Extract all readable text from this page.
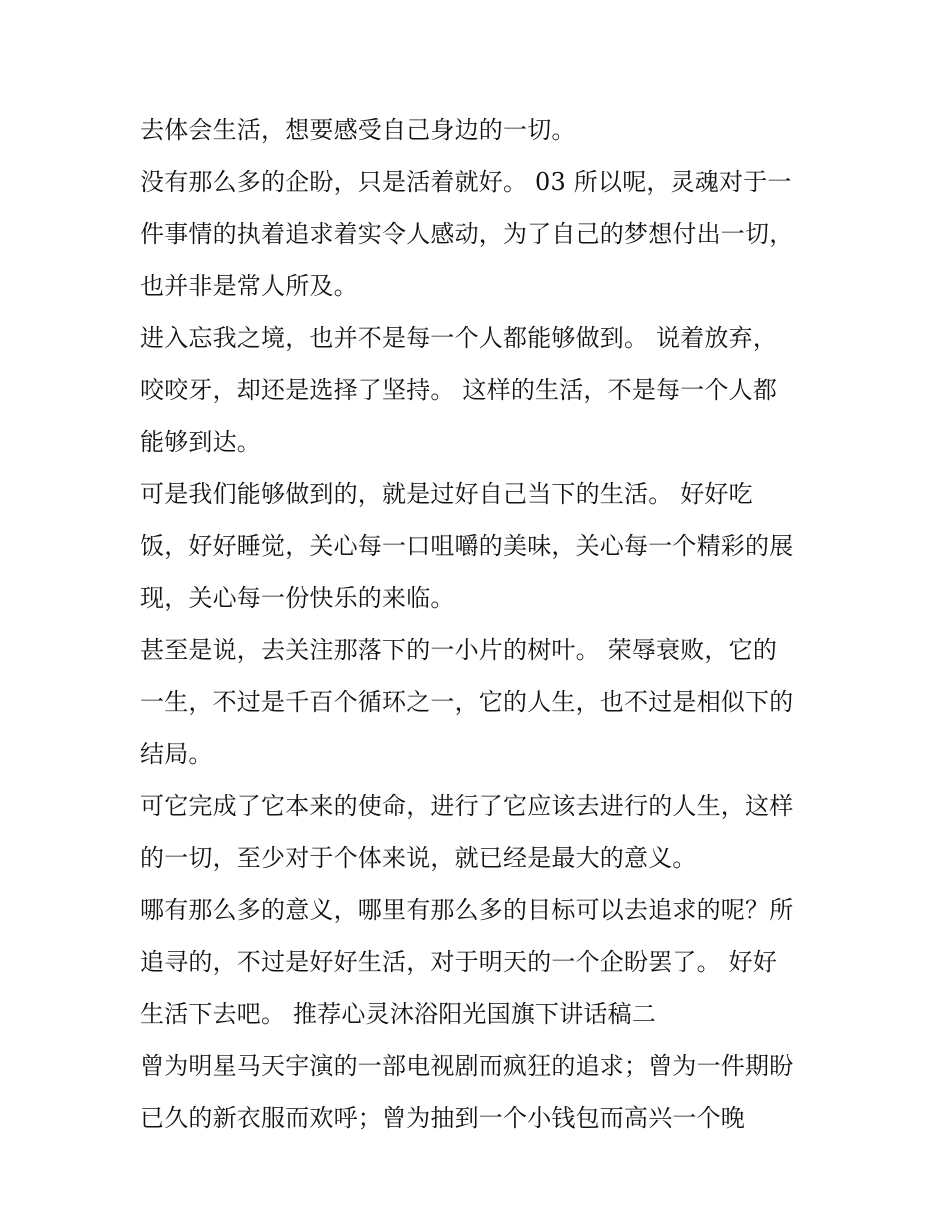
去体会生活，想要感受自己身边的一切。
没有那么多的企盼，只是活着就好。 03 所以呢，灵魂对于一
件事情的执着追求着实令人感动，为了自己的梦想付出一切，
也并非是常人所及。
进入忘我之境，也并不是每一个人都能够做到。 说着放弃，
咬咬牙，却还是选择了坚持。 这样的生活，不是每一个人都
能够到达。
可是我们能够做到的，就是过好自己当下的生活。 好好吃
饭，好好睡觉，关心每一口咀嚼的美味，关心每一个精彩的展
现，关心每一份快乐的来临。
甚至是说，去关注那落下的一小片的树叶。 荣辱衰败，它的
一生，不过是千百个循环之一，它的人生，也不过是相似下的
结局。
可它完成了它本来的使命，进行了它应该去进行的人生，这样
的一切，至少对于个体来说，就已经是最大的意义。
哪有那么多的意义，哪里有那么多的目标可以去追求的呢？所
追寻的，不过是好好生活，对于明天的一个企盼罢了。 好好
生活下去吧。 推荐心灵沐浴阳光国旗下讲话稿二
曾为明星马天宇演的一部电视剧而疯狂的追求；曾为一件期盼
已久的新衣服而欢呼；曾为抽到一个小钱包而高兴一个晚
